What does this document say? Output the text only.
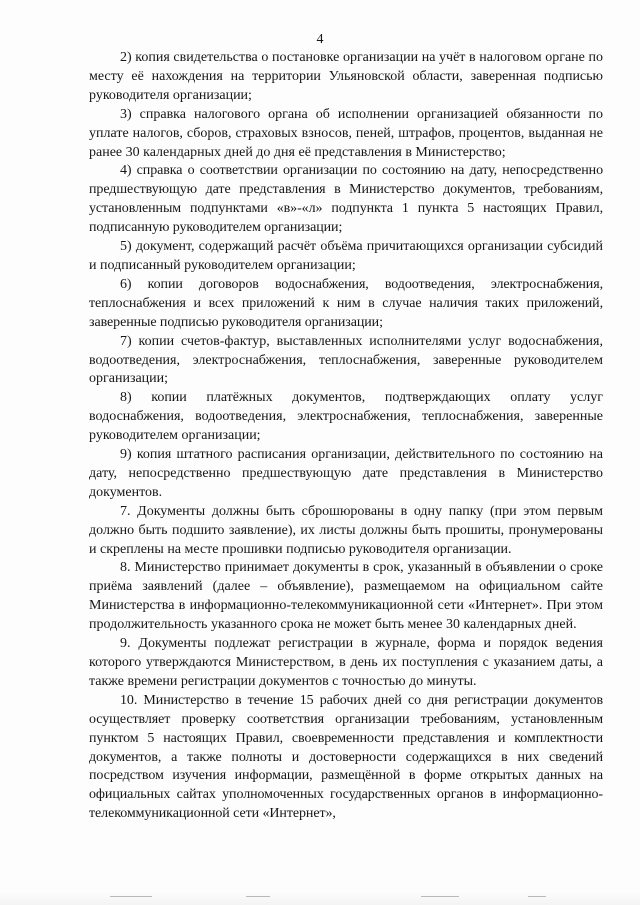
4

2) копия свидетельства о постановке организации на учёт в налоговом органе по месту её нахождения на территории Ульяновской области, заверенная подписью руководителя организации;

3) справка налогового органа об исполнении организацией обязанности по уплате налогов, сборов, страховых взносов, пеней, штрафов, процентов, выданная не ранее 30 календарных дней до дня её представления в Министерство;

4) справка о соответствии организации по состоянию на дату, непосредственно предшествующую дате представления в Министерство документов, требованиям, установленным подпунктами «в»-«л» подпункта 1 пункта 5 настоящих Правил, подписанную руководителем организации;

5) документ, содержащий расчёт объёма причитающихся организации субсидий и подписанный руководителем организации;

6) копии договоров водоснабжения, водоотведения, электроснабжения, теплоснабжения и всех приложений к ним в случае наличия таких приложений, заверенные подписью руководителя организации;

7) копии счетов-фактур, выставленных исполнителями услуг водоснабжения, водоотведения, электроснабжения, теплоснабжения, заверенные руководителем организации;

8) копии платёжных документов, подтверждающих оплату услуг водоснабжения, водоотведения, электроснабжения, теплоснабжения, заверенные руководителем организации;

9) копия штатного расписания организации, действительного по состоянию на дату, непосредственно предшествующую дате представления в Министерство документов.

7. Документы должны быть сброшюрованы в одну папку (при этом первым должно быть подшито заявление), их листы должны быть прошиты, пронумерованы и скреплены на месте прошивки подписью руководителя организации.

8. Министерство принимает документы в срок, указанный в объявлении о сроке приёма заявлений (далее – объявление), размещаемом на официальном сайте Министерства в информационно-телекоммуникационной сети «Интернет». При этом продолжительность указанного срока не может быть менее 30 календарных дней.

9. Документы подлежат регистрации в журнале, форма и порядок ведения которого утверждаются Министерством, в день их поступления с указанием даты, а также времени регистрации документов с точностью до минуты.

10. Министерство в течение 15 рабочих дней со дня регистрации документов осуществляет проверку соответствия организации требованиям, установленным пунктом 5 настоящих Правил, своевременности представления и комплектности документов, а также полноты и достоверности содержащихся в них сведений посредством изучения информации, размещённой в форме открытых данных на официальных сайтах уполномоченных государственных органов в информационно-телекоммуникационной сети «Интернет»,
